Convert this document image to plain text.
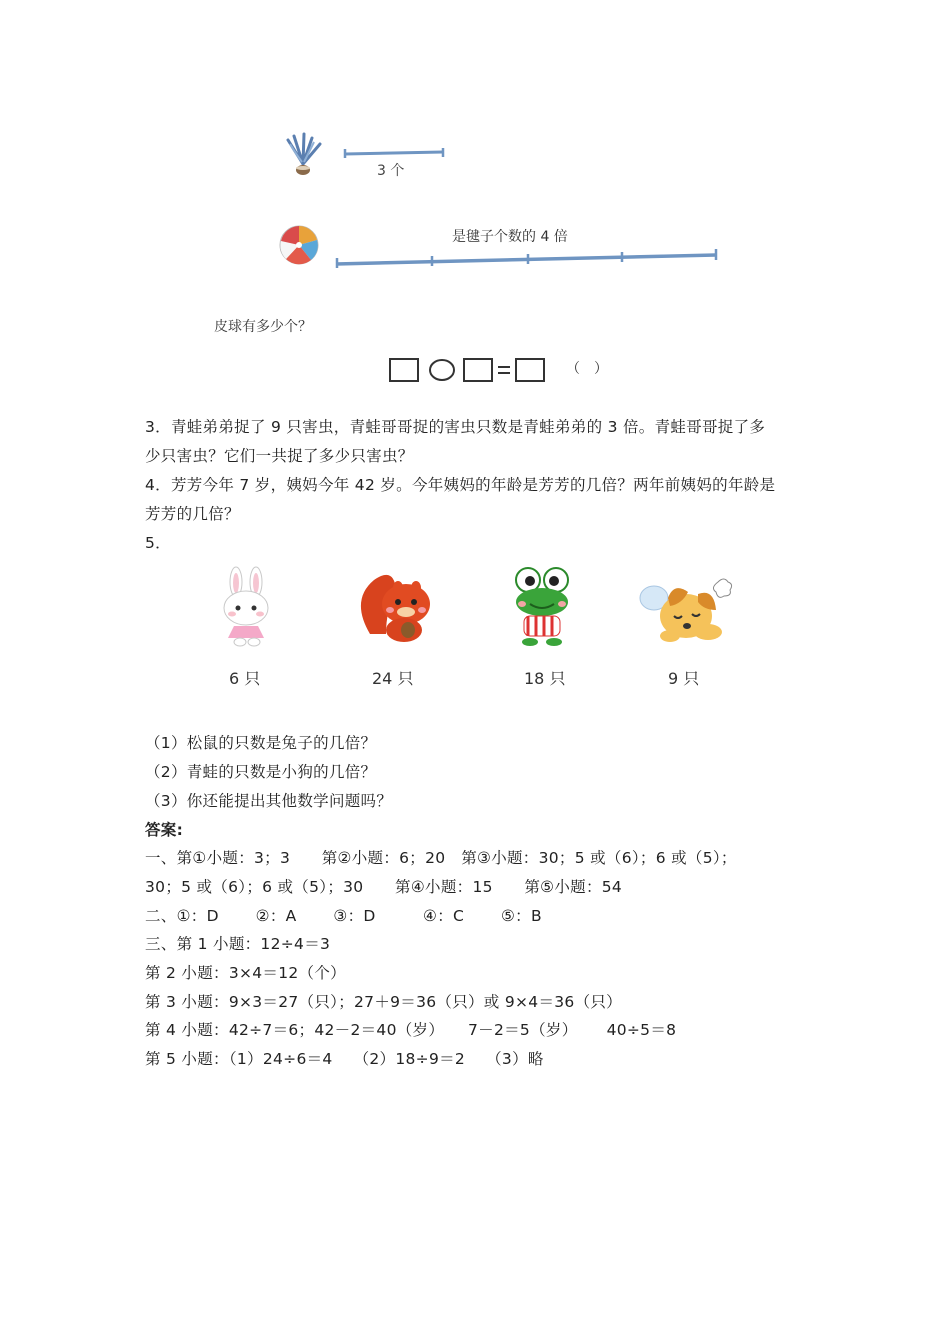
3 个
是毽子个数的 4 倍
皮球有多少个？
（　）
3．青蛙弟弟捉了 9 只害虫，青蛙哥哥捉的害虫只数是青蛙弟弟的 3 倍。青蛙哥哥捉了多
少只害虫？它们一共捉了多少只害虫？
4．芳芳今年 7 岁，姨妈今年 42 岁。今年姨妈的年龄是芳芳的几倍？两年前姨妈的年龄是
芳芳的几倍？
5．
6 只	24 只	18 只	9 只
（1）松鼠的只数是兔子的几倍？
（2）青蛙的只数是小狗的几倍？
（3）你还能提出其他数学问题吗？
答案:
一、第①小题：3；3　　第②小题：6；20　第③小题：30；5 或（6）；6 或（5）；
30；5 或（6）；6 或（5）；30　　第④小题：15　　第⑤小题：54
二、①：D　　 ②：A　　 ③：D　　　④：C　　 ⑤：B
三、第 1 小题：12÷4＝3
第 2 小题：3×4＝12（个）
第 3 小题：9×3＝27（只）；27＋9＝36（只）或 9×4＝36（只）
第 4 小题：42÷7＝6；42－2＝40（岁）　　7－2＝5（岁）　　 40÷5＝8
第 5 小题：（1）24÷6＝4　 （2）18÷9＝2　 （3）略
